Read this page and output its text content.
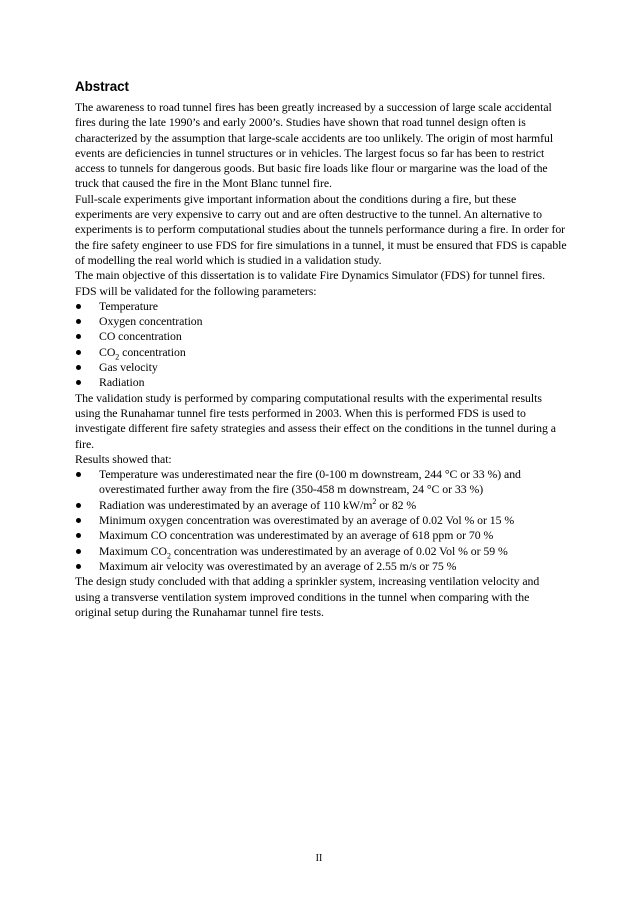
Abstract

The awareness to road tunnel fires has been greatly increased by a succession of large scale accidental fires during the late 1990’s and early 2000’s. Studies have shown that road tunnel design often is characterized by the assumption that large-scale accidents are too unlikely. The origin of most harmful events are deficiencies in tunnel structures or in vehicles. The largest focus so far has been to restrict access to tunnels for dangerous goods. But basic fire loads like flour or margarine was the load of the truck that caused the fire in the Mont Blanc tunnel fire.

Full-scale experiments give important information about the conditions during a fire, but these experiments are very expensive to carry out and are often destructive to the tunnel. An alternative to experiments is to perform computational studies about the tunnels performance during a fire. In order for the fire safety engineer to use FDS for fire simulations in a tunnel, it must be ensured that FDS is capable of modelling the real world which is studied in a validation study.

The main objective of this dissertation is to validate Fire Dynamics Simulator (FDS) for tunnel fires. FDS will be validated for the following parameters:

Temperature
Oxygen concentration
CO concentration
$CO_2$ concentration
Gas velocity
Radiation

The validation study is performed by comparing computational results with the experimental results using the Runahamar tunnel fire tests performed in 2003. When this is performed FDS is used to investigate different fire safety strategies and assess their effect on the conditions in the tunnel during a fire.

Results showed that:

Temperature was underestimated near the fire (0-100 m downstream, 244 °C or 33 %) and overestimated further away from the fire (350-458 m downstream, 24 °C or 33 %)
Radiation was underestimated by an average of 110 $kW/m^2$ or 82 %
Minimum oxygen concentration was overestimated by an average of 0.02 Vol % or 15 %
Maximum CO concentration was underestimated by an average of 618 ppm or 70 %
Maximum $CO_2$ concentration was underestimated by an average of 0.02 Vol % or 59 %
Maximum air velocity was overestimated by an average of 2.55 m/s or 75 %

The design study concluded with that adding a sprinkler system, increasing ventilation velocity and using a transverse ventilation system improved conditions in the tunnel when comparing with the original setup during the Runahamar tunnel fire tests.

II
